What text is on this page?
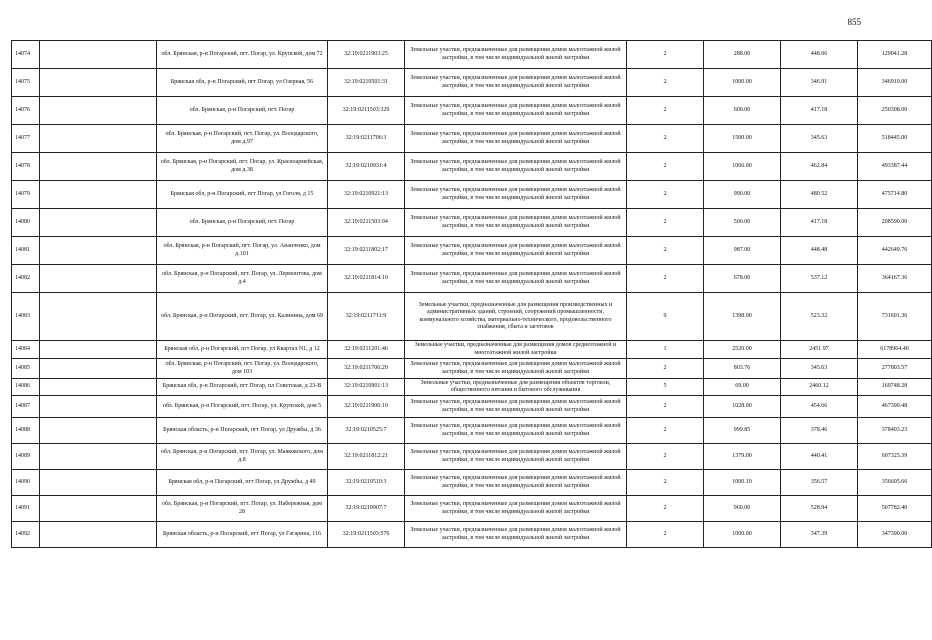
855
14074		обл. Брянская, р-н Погарский, пгт. Погар, ул. Крупской, дом 72	32:19:0211903:25	Земельные участки, предназначенные для размещения домов малоэтажной жилой застройки, в том числе индивидуальной жилой застройки	2	288.00	448.06	129041.28
14075		Брянская обл, р-н Погарский, пгт Погар, ул Озерная, 56	32:19:0210501:31	Земельные участки, предназначенные для размещения домов малоэтажной жилой застройки, в том числе индивидуальной жилой застройки	2	1000.00	346.91	346910.00
14076		обл. Брянская, р-н Погарский, пгт. Погар	32:19:0211503:329	Земельные участки, предназначенные для размещения домов малоэтажной жилой застройки, в том числе индивидуальной жилой застройки	2	600.00	417.18	250308.00
14077		обл. Брянская, р-н Погарский, пгт. Погар, ул. Володарского, дом д.97	32:19:0211706:3	Земельные участки, предназначенные для размещения домов малоэтажной жилой застройки, в том числе индивидуальной жилой застройки	2	1500.00	345.63	518445.00
14078		обл. Брянская, р-н Погарский, пгт. Погар, ул. Красноармейская, дом д.38	32:19:0210931:4	Земельные участки, предназначенные для размещения домов малоэтажной жилой застройки, в том числе индивидуальной жилой застройки	2	1066.00	462.84	493387.44
14079		Брянская обл, р-н Погарский, пгт Погар, ул Гоголя, д 15	32:19:0210921:13	Земельные участки, предназначенные для размещения домов малоэтажной жилой застройки, в том числе индивидуальной жилой застройки	2	990.00	480.52	475714.80
14080		обл. Брянская, р-н Погарский, пгт. Погар	32:19:0211503:94	Земельные участки, предназначенные для размещения домов малоэтажной жилой застройки, в том числе индивидуальной жилой застройки	2	500.00	417.18	208590.00
14081		обл. Брянская, р-н Погарский, пгт. Погар, ул. Ананченко, дом д.101	32:19:0211802:17	Земельные участки, предназначенные для размещения домов малоэтажной жилой застройки, в том числе индивидуальной жилой застройки	2	987.00	448.48	442649.76
14082		обл. Брянская, р-н Погарский, пгт. Погар, ул. Лермонтова, дом д.4	32:19:0211814:10	Земельные участки, предназначенные для размещения домов малоэтажной жилой застройки, в том числе индивидуальной жилой застройки	2	678.00	537.12	364167.36
14083		обл. Брянская, р-н Погарский, пгт. Погар, ул. Калинина, дом 69	32:19:0211711:9	Земельные участки, предназначенные для размещения производственных и административных зданий, строений, сооружений промышленности, коммунального хозяйства, материально-технического, продовольственного снабжения, сбыта и заготовок	9	1398.00	523.32	731601.36
14084		Брянская обл, р-н Погарский, пгт Погар, ул Квартал N1, д 12	32:19:0211201:46	Земельные участки, предназначенные для размещения домов среднеэтажной и многоэтажной жилой застройки	1	2520.00	2451.97	6178964.40
14085		обл. Брянская, р-н Погарский, пгт. Погар, ул. Володарского, дом 103	32:19:0211706:20	Земельные участки, предназначенные для размещения домов малоэтажной жилой застройки, в том числе индивидуальной жилой застройки	2	803.76	345.63	277803.57
14086		Брянская обл, р-н Погарский, пгт Погар, пл Советская, д 23-В	32:19:0210901:13	Земельные участки, предназначенные для размещения объектов торговли, общественного питания и бытового обслуживания	5	69.00	2460.12	169748.28
14087		обл. Брянская, р-н Погарский, пгт. Погар, ул. Крупской, дом 5	32:19:0211906:10	Земельные участки, предназначенные для размещения домов малоэтажной жилой застройки, в том числе индивидуальной жилой застройки	2	1028.00	454.66	467390.48
14088		Брянская область, р-н Погарский, пгт Погар, ул Дружбы, д 36	32:19:0210525:7	Земельные участки, предназначенные для размещения домов малоэтажной жилой застройки, в том числе индивидуальной жилой застройки	2	999.85	378.46	378403.23
14089		обл. Брянская, р-н Погарский, пгт. Погар, ул. Маяковского, дом д.8	32:19:0211812:21	Земельные участки, предназначенные для размещения домов малоэтажной жилой застройки, в том числе индивидуальной жилой застройки	2	1379.00	440.41	607325.39
14090		Брянская обл, р-н Погарский, пгт Погар, ул Дружбы, д 49	32:19:0210510:3	Земельные участки, предназначенные для размещения домов малоэтажной жилой застройки, в том числе индивидуальной жилой застройки	2	1000.10	356.57	356605.66
14091		обл. Брянская, р-н Погарский, пгт. Погар, ул. Набережная, дом 28	32:19:0210907:7	Земельные участки, предназначенные для размещения домов малоэтажной жилой застройки, в том числе индивидуальной жилой застройки	2	960.00	528.94	507782.40
14092		Брянская область, р-н Погарский, пгт Погар, ул Гагарина, 116	32:19:0211503:576	Земельные участки, предназначенные для размещения домов малоэтажной жилой застройки, в том числе индивидуальной жилой застройки	2	1000.00	347.39	347390.00
